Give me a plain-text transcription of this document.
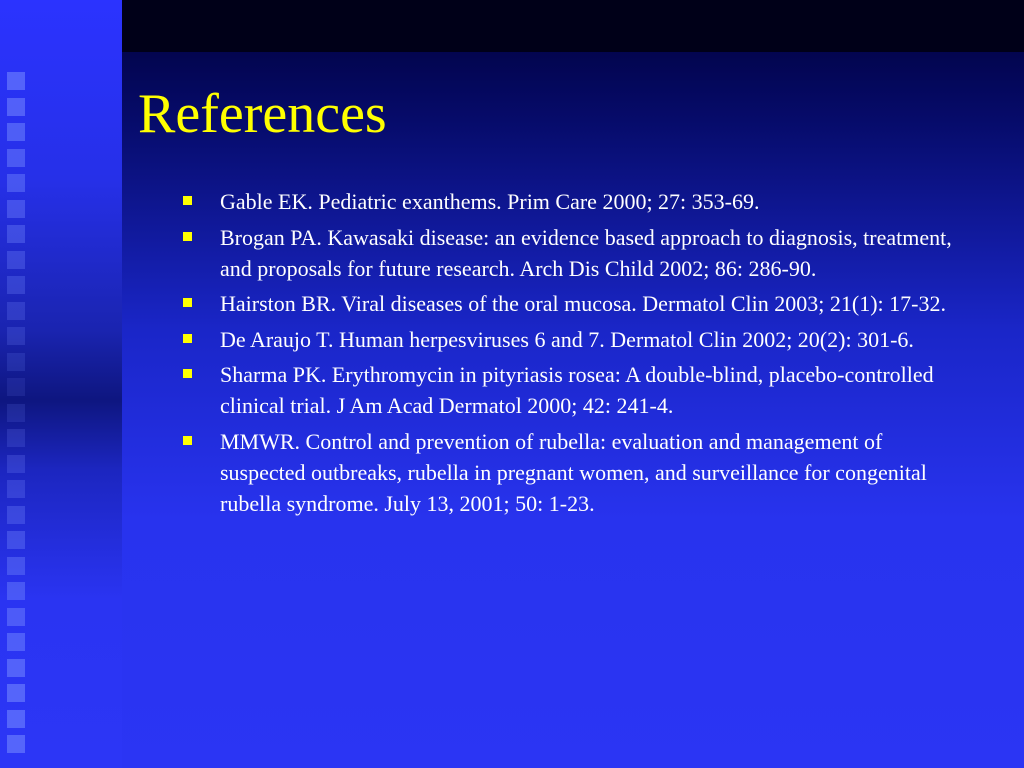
References
Gable EK. Pediatric exanthems. Prim Care 2000; 27: 353-69.
Brogan PA. Kawasaki disease: an evidence based approach to diagnosis, treatment, and proposals for future research. Arch Dis Child 2002; 86: 286-90.
Hairston BR. Viral diseases of the oral mucosa. Dermatol Clin 2003; 21(1): 17-32.
De Araujo T. Human herpesviruses 6 and 7. Dermatol Clin 2002; 20(2): 301-6.
Sharma PK. Erythromycin in pityriasis rosea: A double-blind, placebo-controlled clinical trial. J Am Acad Dermatol 2000; 42: 241-4.
MMWR. Control and prevention of rubella: evaluation and management of suspected outbreaks, rubella in pregnant women, and surveillance for congenital rubella syndrome. July 13, 2001; 50: 1-23.
